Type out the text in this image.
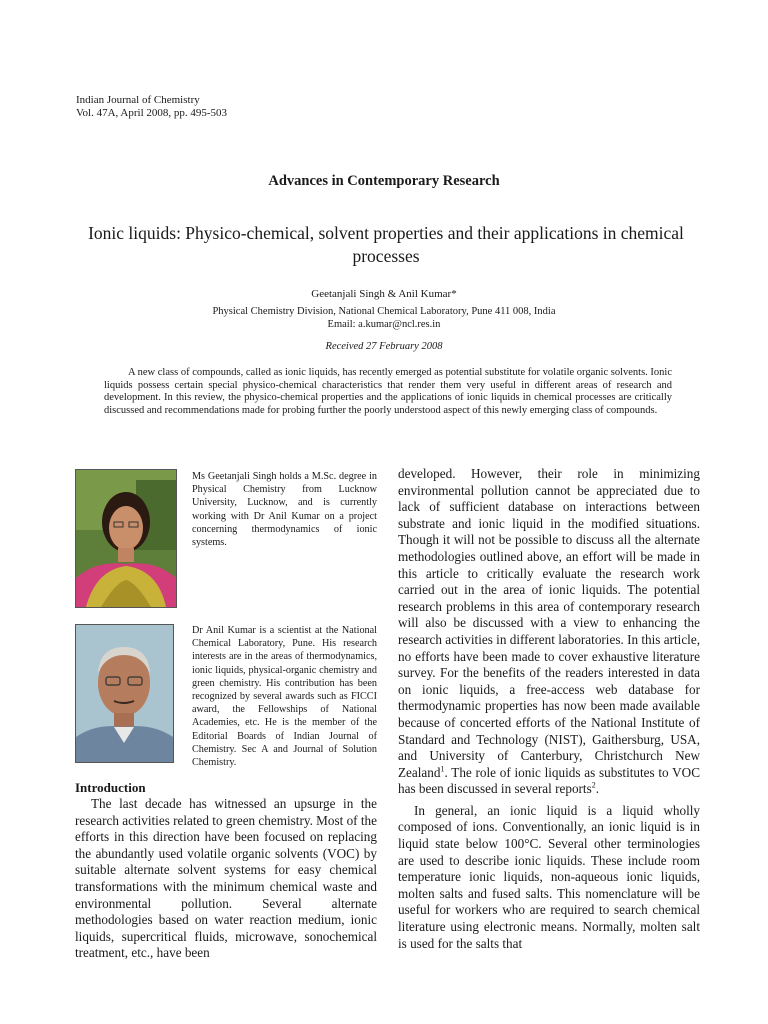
Indian Journal of Chemistry
Vol. 47A, April 2008, pp. 495-503
Advances in Contemporary Research
Ionic liquids: Physico-chemical, solvent properties and their applications in chemical processes
Geetanjali Singh & Anil Kumar*
Physical Chemistry Division, National Chemical Laboratory, Pune 411 008, India
Email: a.kumar@ncl.res.in
Received 27 February 2008
A new class of compounds, called as ionic liquids, has recently emerged as potential substitute for volatile organic solvents. Ionic liquids possess certain special physico-chemical characteristics that render them very useful in different areas of research and development. In this review, the physico-chemical properties and the applications of ionic liquids in chemical processes are critically discussed and recommendations made for probing further the poorly understood aspect of this newly emerging class of compounds.
Ms Geetanjali Singh holds a M.Sc. degree in Physical Chemistry from Lucknow University, Lucknow, and is currently working with Dr Anil Kumar on a project concerning thermodynamics of ionic systems.
Dr Anil Kumar is a scientist at the National Chemical Laboratory, Pune. His research interests are in the areas of thermodynamics, ionic liquids, physical-organic chemistry and green chemistry. His contribution has been recognized by several awards such as FICCI award, the Fellowships of National Academies, etc. He is the member of the Editorial Boards of Indian Journal of Chemistry. Sec A and Journal of Solution Chemistry.
Introduction

The last decade has witnessed an upsurge in the research activities related to green chemistry. Most of the efforts in this direction have been focused on replacing the abundantly used volatile organic solvents (VOC) by suitable alternate solvent systems for easy chemical transformations with the minimum chemical waste and environmental pollution. Several alternate methodologies based on water reaction medium, ionic liquids, supercritical fluids, microwave, sonochemical treatment, etc., have been

developed. However, their role in minimizing environmental pollution cannot be appreciated due to lack of sufficient database on interactions between substrate and ionic liquid in the modified situations. Though it will not be possible to discuss all the alternate methodologies outlined above, an effort will be made in this article to critically evaluate the research work carried out in the area of ionic liquids. The potential research problems in this area of contemporary research will also be discussed with a view to enhancing the research activities in different laboratories. In this article, no efforts have been made to cover exhaustive literature survey. For the benefits of the readers interested in data on ionic liquids, a free-access web database for thermodynamic properties has now been made available because of concerted efforts of the National Institute of Standard and Technology (NIST), Gaithersburg, USA, and University of Canterbury, Christchurch New Zealand$^1$. The role of ionic liquids as substitutes to VOC has been discussed in several reports$^2$.

In general, an ionic liquid is a liquid wholly composed of ions. Conventionally, an ionic liquid is in liquid state below 100°C. Several other terminologies are used to describe ionic liquids. These include room temperature ionic liquids, non-aqueous ionic liquids, molten salts and fused salts. This nomenclature will be useful for workers who are required to search chemical literature using electronic means. Normally, molten salt is used for the salts that
